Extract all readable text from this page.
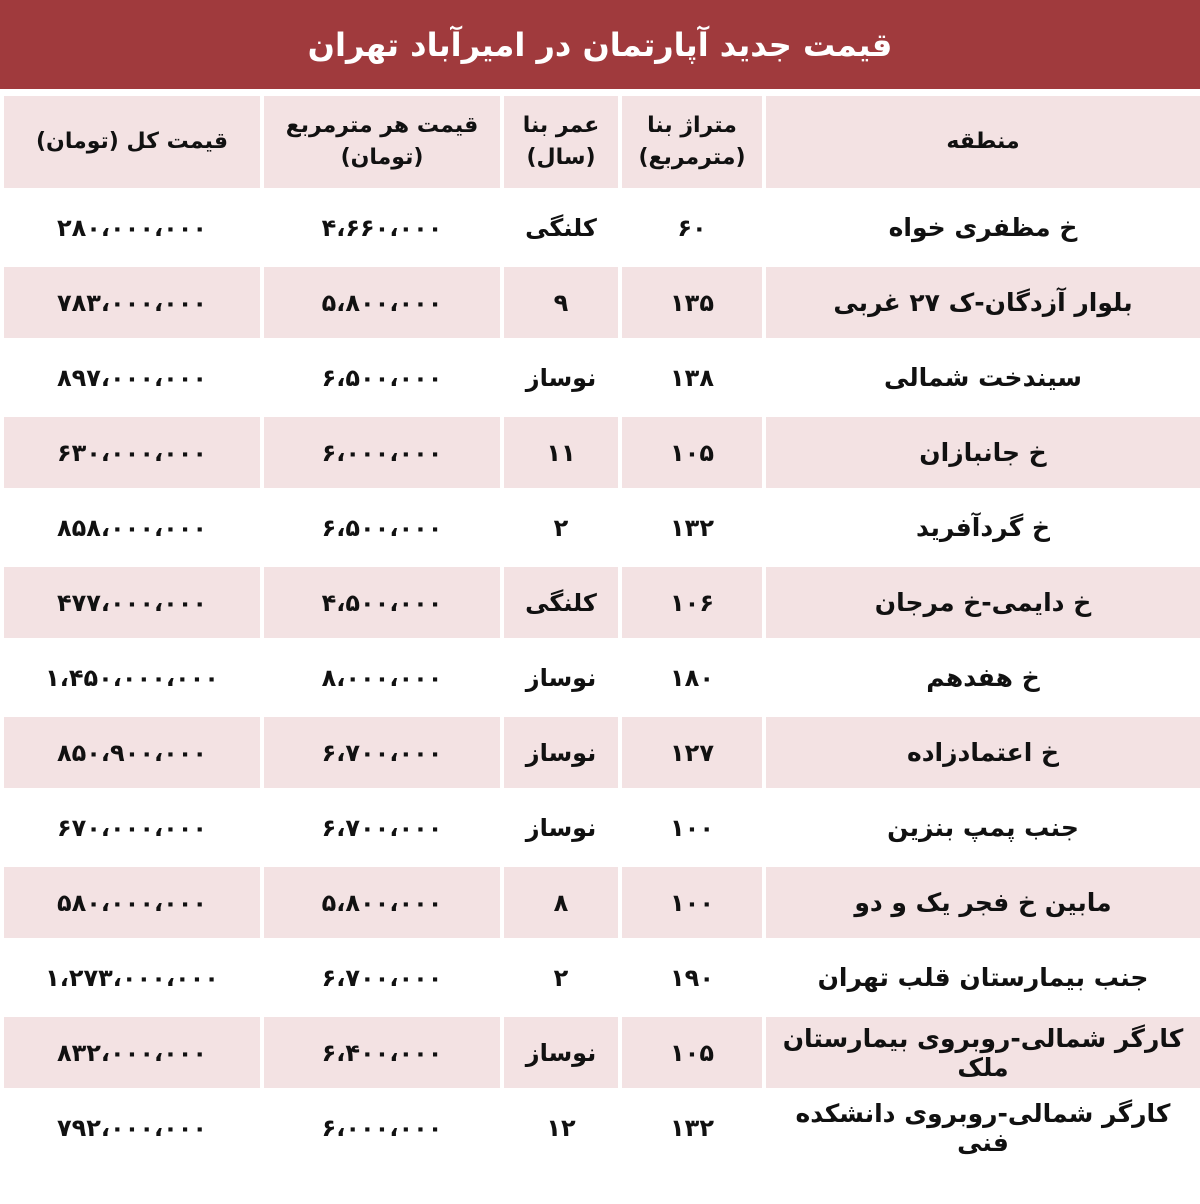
قیمت جدید آپارتمان در امیرآباد تهران
منطقه	متراژ بنا (مترمربع)	عمر بنا (سال)	قیمت هر مترمربع (تومان)	قیمت کل (تومان)
خ مظفری خواه	۶۰	کلنگی	۴،۶۶۰،۰۰۰	۲۸۰،۰۰۰،۰۰۰
بلوار آزدگان-ک ۲۷ غربی	۱۳۵	۹	۵،۸۰۰،۰۰۰	۷۸۳،۰۰۰،۰۰۰
سیندخت شمالی	۱۳۸	نوساز	۶،۵۰۰،۰۰۰	۸۹۷،۰۰۰،۰۰۰
خ جانبازان	۱۰۵	۱۱	۶،۰۰۰،۰۰۰	۶۳۰،۰۰۰،۰۰۰
خ گردآفرید	۱۳۲	۲	۶،۵۰۰،۰۰۰	۸۵۸،۰۰۰،۰۰۰
خ دایمی-خ مرجان	۱۰۶	کلنگی	۴،۵۰۰،۰۰۰	۴۷۷،۰۰۰،۰۰۰
خ هفدهم	۱۸۰	نوساز	۸،۰۰۰،۰۰۰	۱،۴۵۰،۰۰۰،۰۰۰
خ اعتمادزاده	۱۲۷	نوساز	۶،۷۰۰،۰۰۰	۸۵۰،۹۰۰،۰۰۰
جنب پمپ بنزین	۱۰۰	نوساز	۶،۷۰۰،۰۰۰	۶۷۰،۰۰۰،۰۰۰
مابین خ فجر یک و دو	۱۰۰	۸	۵،۸۰۰،۰۰۰	۵۸۰،۰۰۰،۰۰۰
جنب بیمارستان قلب تهران	۱۹۰	۲	۶،۷۰۰،۰۰۰	۱،۲۷۳،۰۰۰،۰۰۰
کارگر شمالی-روبروی بیمارستان ملک	۱۰۵	نوساز	۶،۴۰۰،۰۰۰	۸۳۲،۰۰۰،۰۰۰
کارگر شمالی-روبروی دانشکده فنی	۱۳۲	۱۲	۶،۰۰۰،۰۰۰	۷۹۲،۰۰۰،۰۰۰
